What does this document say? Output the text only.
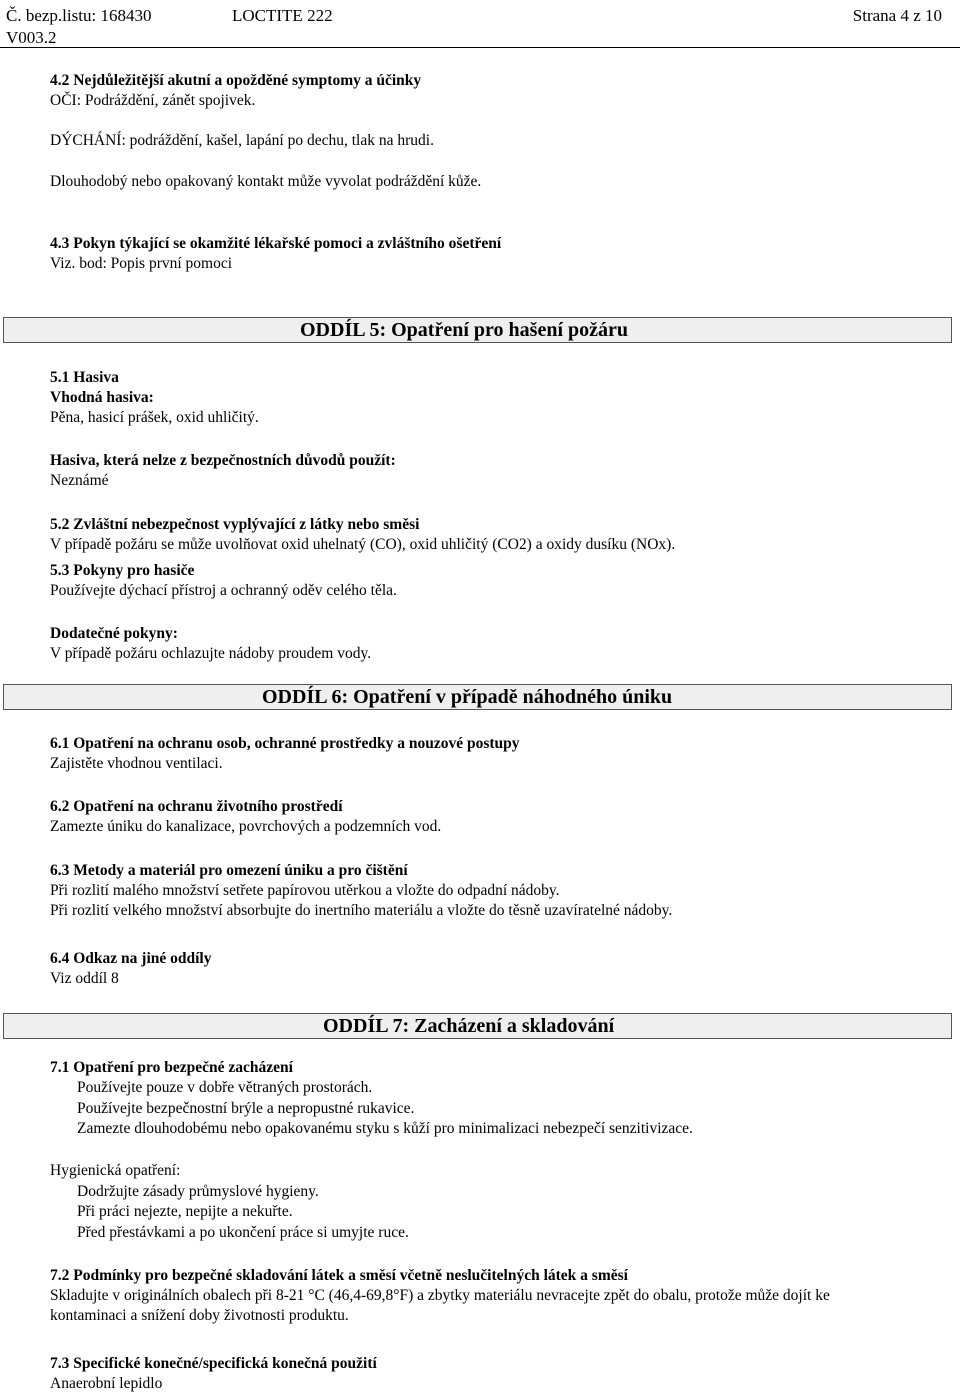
Č. bezp.listu: 168430	LOCTITE 222	Strana 4 z 10
V003.2
4.2 Nejdůležitější akutní a opožděné symptomy a účinky
OČI: Podráždění, zánět spojivek.
DÝCHÁNÍ: podráždění, kašel, lapání po dechu, tlak na hrudi.
Dlouhodobý nebo opakovaný kontakt může vyvolat podráždění kůže.
4.3 Pokyn týkající se okamžité lékařské pomoci a zvláštního ošetření
Viz. bod: Popis první pomoci
ODDÍL 5: Opatření pro hašení požáru
5.1 Hasiva
Vhodná hasiva:
Pěna, hasicí prášek, oxid uhličitý.
Hasiva, která nelze z bezpečnostních důvodů použít:
Neznámé
5.2 Zvláštní nebezpečnost vyplývající z látky nebo směsi
V případě požáru se může uvolňovat oxid uhelnatý (CO), oxid uhličitý (CO2) a oxidy dusíku (NOx).
5.3 Pokyny pro hasiče
Používejte dýchací přístroj a ochranný oděv celého těla.
Dodatečné pokyny:
V případě požáru ochlazujte nádoby proudem vody.
ODDÍL 6: Opatření v případě náhodného úniku
6.1 Opatření na ochranu osob, ochranné prostředky a nouzové postupy
Zajistěte vhodnou ventilaci.
6.2 Opatření na ochranu životního prostředí
Zamezte úniku do kanalizace, povrchových a podzemních vod.
6.3 Metody a materiál pro omezení úniku a pro čištění
Při rozlití malého množství setřete papírovou utěrkou a vložte do odpadní nádoby.
Při rozlití velkého množství absorbujte do inertního materiálu a vložte do těsně uzavíratelné nádoby.
6.4 Odkaz na jiné oddíly
Viz oddíl 8
ODDÍL 7: Zacházení a skladování
7.1 Opatření pro bezpečné zacházení
Používejte pouze v dobře větraných prostorách.
Používejte bezpečnostní brýle a nepropustné rukavice.
Zamezte dlouhodobému nebo opakovanému styku s kůží pro minimalizaci nebezpečí senzitivizace.
Hygienická opatření:
Dodržujte zásady průmyslové hygieny.
Při práci nejezte, nepijte a nekuřte.
Před přestávkami a po ukončení práce si umyjte ruce.
7.2 Podmínky pro bezpečné skladování látek a směsí včetně neslučitelných látek a směsí
Skladujte v originálních obalech při 8-21 °C (46,4-69,8°F) a zbytky materiálu nevracejte zpět do obalu, protože může dojít ke
kontaminaci a snížení doby životnosti produktu.
7.3 Specifické konečné/specifická konečná použití
Anaerobní lepidlo
